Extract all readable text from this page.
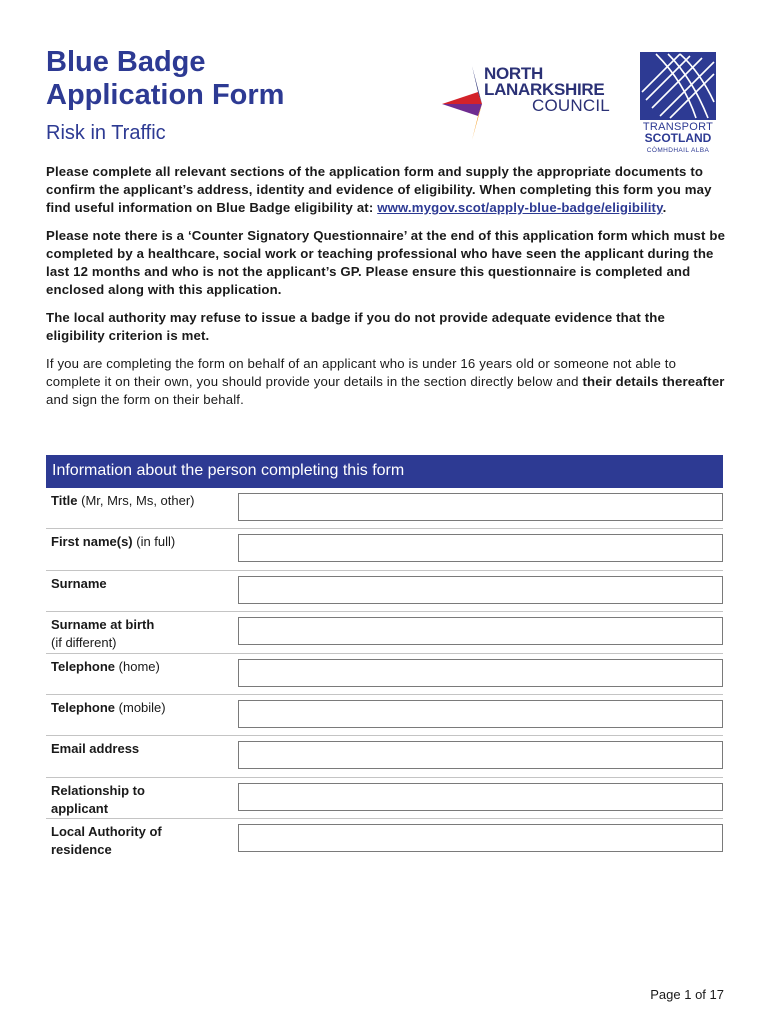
Blue Badge
Application Form
Risk in Traffic
NORTH
LANARKSHIRE
COUNCIL
TRANSPORT
SCOTLAND
CÒMHDHAIL ALBA

Please complete all relevant sections of the application form and supply the appropriate documents to confirm the applicant’s address, identity and evidence of eligibility. When completing this form you may find useful information on Blue Badge eligibility at: www.mygov.scot/apply-blue-badge/eligibility.

Please note there is a ‘Counter Signatory Questionnaire’ at the end of this application form which must be completed by a healthcare, social work or teaching professional who have seen the applicant during the last 12 months and who is not the applicant’s GP. Please ensure this questionnaire is completed and enclosed along with this application.

The local authority may refuse to issue a badge if you do not provide adequate evidence that the eligibility criterion is met.

If you are completing the form on behalf of an applicant who is under 16 years old or someone not able to complete it on their own, you should provide your details in the section directly below and their details thereafter and sign the form on their behalf.

Information about the person completing this form
Title (Mr, Mrs, Ms, other)
First name(s) (in full)
Surname
Surname at birth
(if different)
Telephone (home)
Telephone (mobile)
Email address
Relationship to applicant
Local Authority of residence
Page 1 of 17
